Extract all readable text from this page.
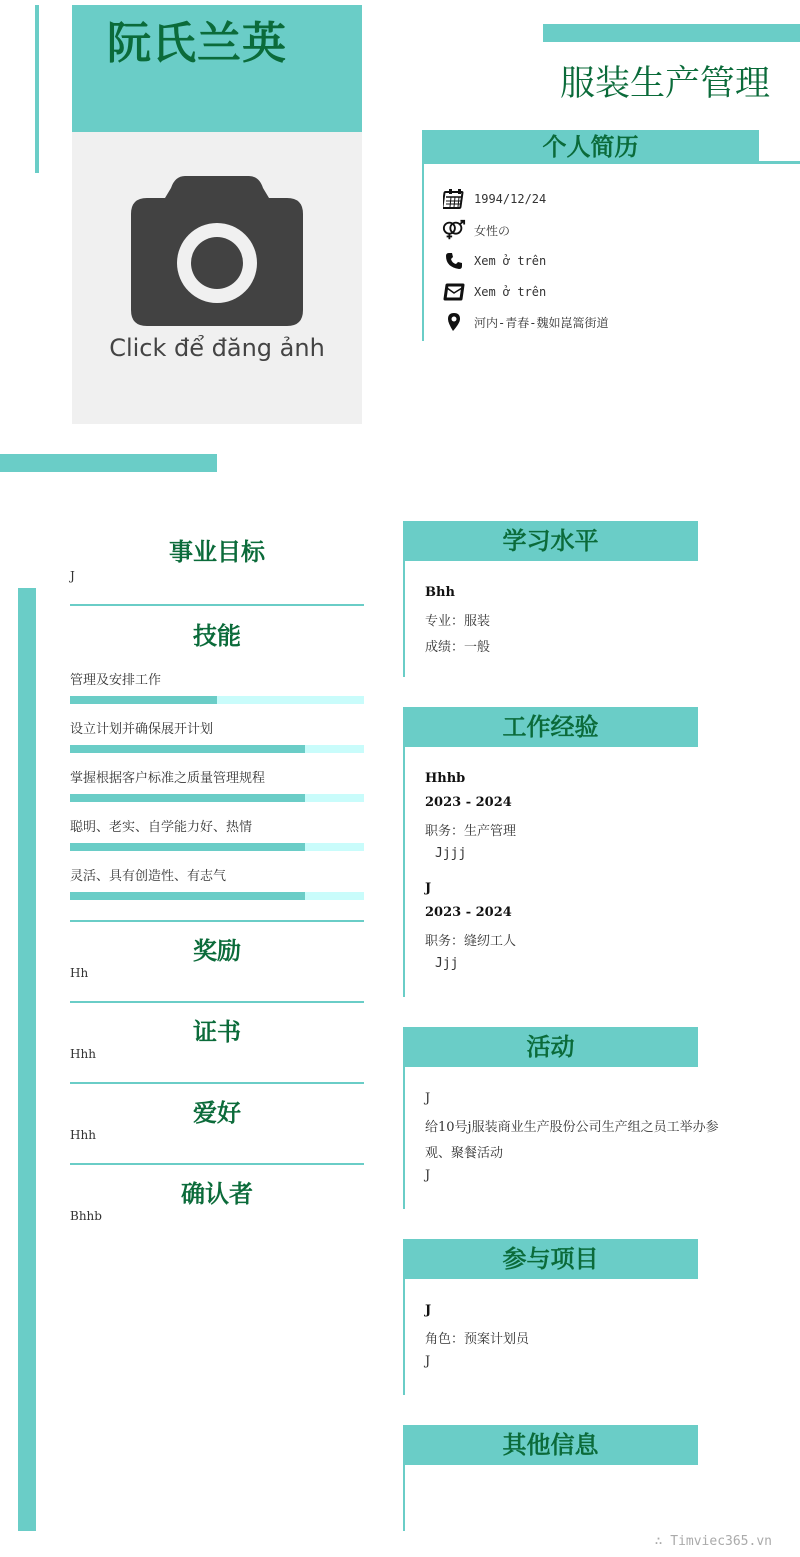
阮氏兰英
Click để đăng ảnh
服装生产管理
个人简历
1994/12/24
女性の
Xem ở trên
Xem ở trên
河内-青春-魏如崑篙街道
事业目标
J
技能
管理及安排工作
设立计划并确保展开计划
掌握根据客户标准之质量管理规程
聪明、老实、自学能力好、热情
灵活、具有创造性、有志气
奖励
Hh
证书
Hhh
爱好
Hhh
确认者
Bhhb
学习水平
Bhh
专业：服装
成绩：一般
工作经验
Hhhb
2023 - 2024
职务：生产管理
Jjjj
J
2023 - 2024
职务：缝纫工人
Jjj
活动
J
给10号j服装商业生产股份公司生产组之员工举办参
观、聚餐活动
J
参与项目
J
角色：预案计划员
J
其他信息
∴ Timviec365.vn
